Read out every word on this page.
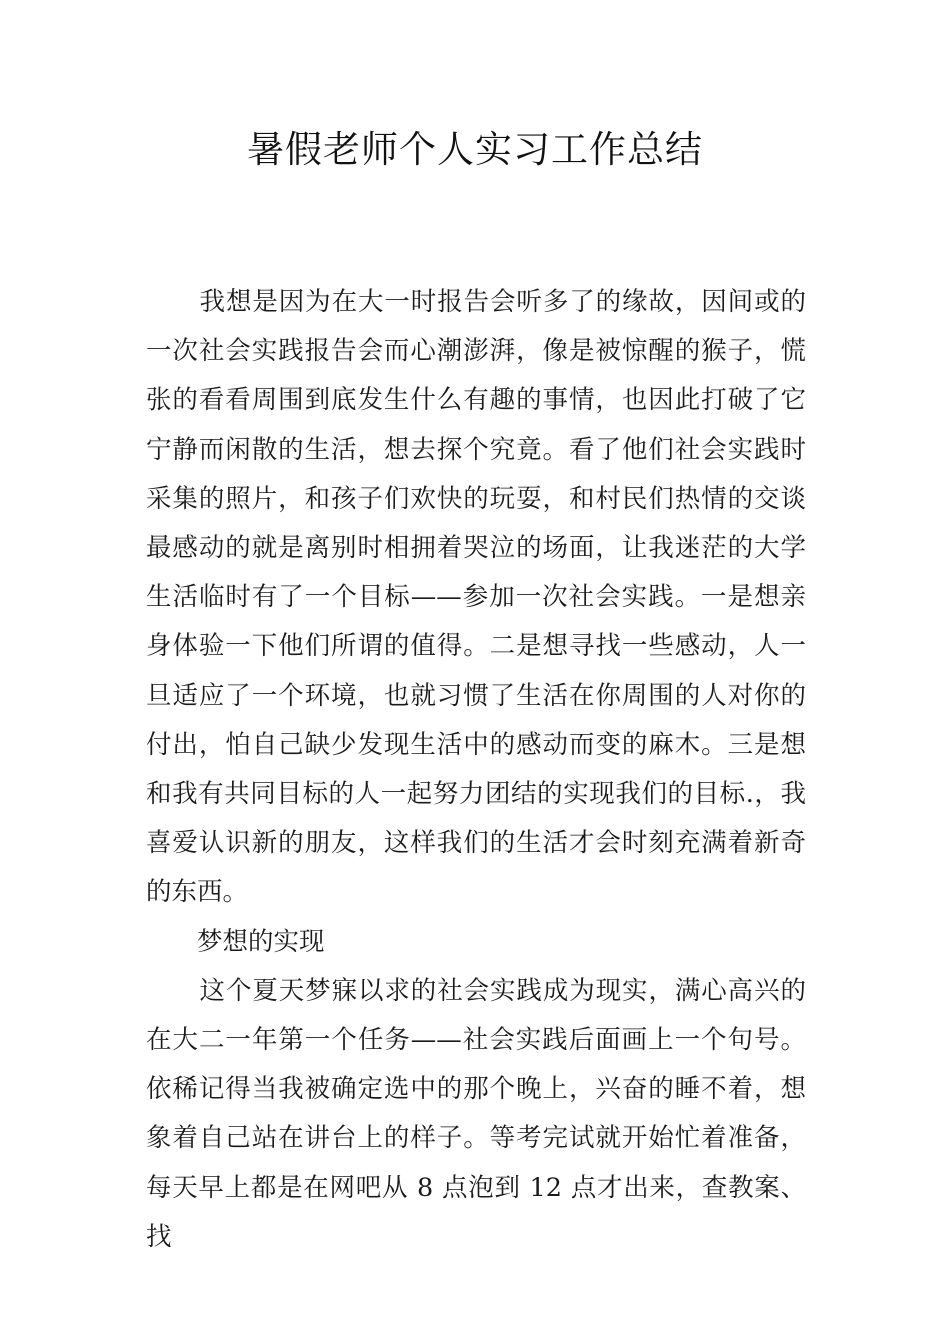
暑假老师个人实习工作总结

我想是因为在大一时报告会听多了的缘故，因间或的一次社会实践报告会而心潮澎湃，像是被惊醒的猴子，慌张的看看周围到底发生什么有趣的事情，也因此打破了它宁静而闲散的生活，想去探个究竟。看了他们社会实践时采集的照片，和孩子们欢快的玩耍，和村民们热情的交谈最感动的就是离别时相拥着哭泣的场面，让我迷茫的大学生活临时有了一个目标——参加一次社会实践。一是想亲身体验一下他们所谓的值得。二是想寻找一些感动，人一旦适应了一个环境，也就习惯了生活在你周围的人对你的付出，怕自己缺少发现生活中的感动而变的麻木。三是想和我有共同目标的人一起努力团结的实现我们的目标.，我喜爱认识新的朋友，这样我们的生活才会时刻充满着新奇的东西。

梦想的实现

这个夏天梦寐以求的社会实践成为现实，满心高兴的在大二一年第一个任务——社会实践后面画上一个句号。依稀记得当我被确定选中的那个晚上，兴奋的睡不着，想象着自己站在讲台上的样子。等考完试就开始忙着准备，每天早上都是在网吧从 8 点泡到 12 点才出来，查教案、找
